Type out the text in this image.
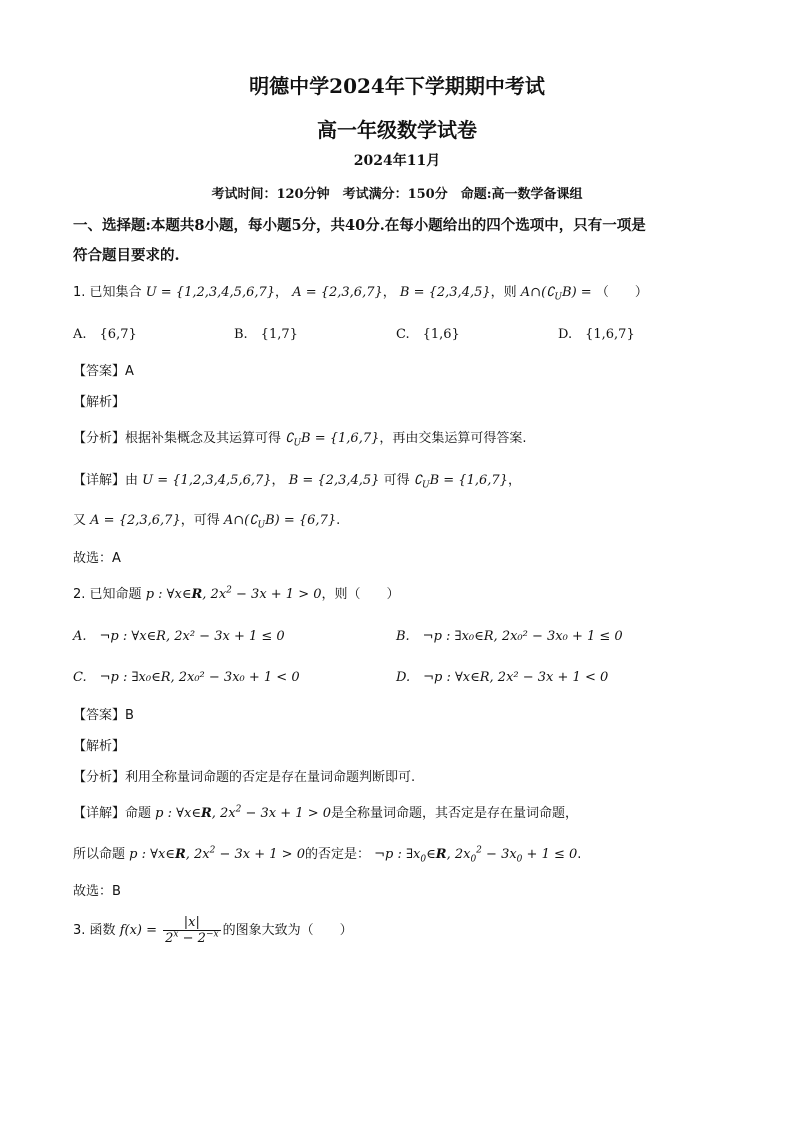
明德中学2024年下学期期中考试
高一年级数学试卷
2024年11月
考试时间：120分钟　考试满分：150分　命题:高一数学备课组
一、选择题:本题共8小题，每小题5分，共40分.在每小题给出的四个选项中，只有一项是
符合题目要求的.
1. 已知集合 U = {1,2,3,4,5,6,7}， A = {2,3,6,7}， B = {2,3,4,5}，则 $A\cap(∁_UB)$ = （　　）
A.　{6,7}	B.　{1,7}	C.　{1,6}	D.　{1,6,7}
【答案】A
【解析】
【分析】根据补集概念及其运算可得 $∁_UB = \{1,6,7\}$，再由交集运算可得答案.
【详解】由 U = {1,2,3,4,5,6,7}， B = {2,3,4,5} 可得 $∁_UB = \{1,6,7\}$，
又 A = {2,3,6,7}，可得 $A\cap(∁_UB) = \{6,7\}$.
故选：A
2. 已知命题 p : ∀x∈R, $2x^2 - 3x + 1 > 0$，则（　　）
A.　¬p : ∀x∈R, 2x² − 3x + 1 ≤ 0	B.　¬p : ∃x₀∈R, 2x₀² − 3x₀ + 1 ≤ 0
C.　¬p : ∃x₀∈R, 2x₀² − 3x₀ + 1 < 0	D.　¬p : ∀x∈R, 2x² − 3x + 1 < 0
【答案】B
【解析】
【分析】利用全称量词命题的否定是存在量词命题判断即可.
【详解】命题 p : ∀x∈R, $2x^2 - 3x + 1 > 0$是全称量词命题，其否定是存在量词命题，
所以命题 p : ∀x∈R, $2x^2 - 3x + 1 > 0$的否定是： ¬p : $\exists x_0\in R$, $2x_0^2 - 3x_0 + 1 \le 0$.
故选：B
3. 函数 $f(x) = \frac{|x|}{2^x - 2^{-x}}$ 的图象大致为（　　）
